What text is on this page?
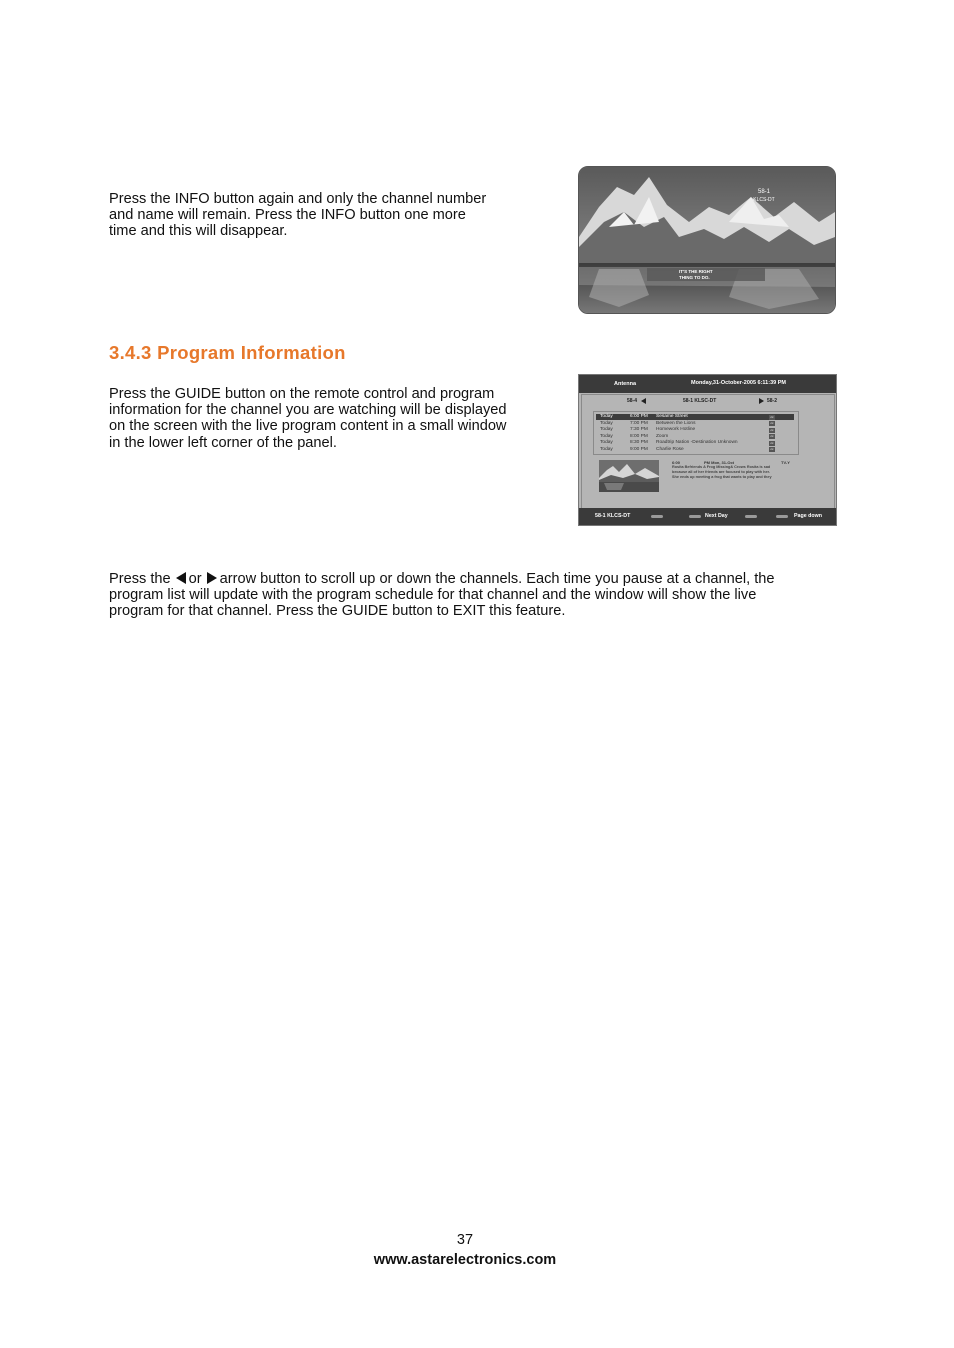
Press the INFO button again and only the channel number
and name will remain. Press the INFO button one more
time and this will disappear.
58-1
KLCS-DT
IT'S THE RIGHT
THING TO DO.
3.4.3 Program Information
Press the GUIDE button on the remote control and program
information for the channel you are watching will be displayed
on the screen with the live program content in a small window
in the lower left corner of the panel.
Antenna	Monday,31-October-2005 6:11:39 PM
58-4	58-1 KLSC-DT	58-2
Today	6:00 PM Sesame Street	cc
Today	7:00 PM Between the Lions	cc
Today	7:30 PM Homework Hotline	cc
Today	8:00 PM Zoom	cc
Today	8:30 PM Roadtrip Nation -Destination Unknown	cc
Today	9:00 PM Charlie Rose	cc
6:00	PM Mon, 31-Oct	TV-Y
Rosita Befriends A Frog Missing& Crows Rosita is sad
because all of her friends are focused to play with her.
She ends up meeting a frog that wants to play and they
58-1 KLCS-DT	Next Day	Page down
Press the or arrow button to scroll up or down the channels. Each time you pause at a channel, the
program list will update with the program schedule for that channel and the window will show the live
program for that channel. Press the GUIDE button to EXIT this feature.
37
www.astarelectronics.com
